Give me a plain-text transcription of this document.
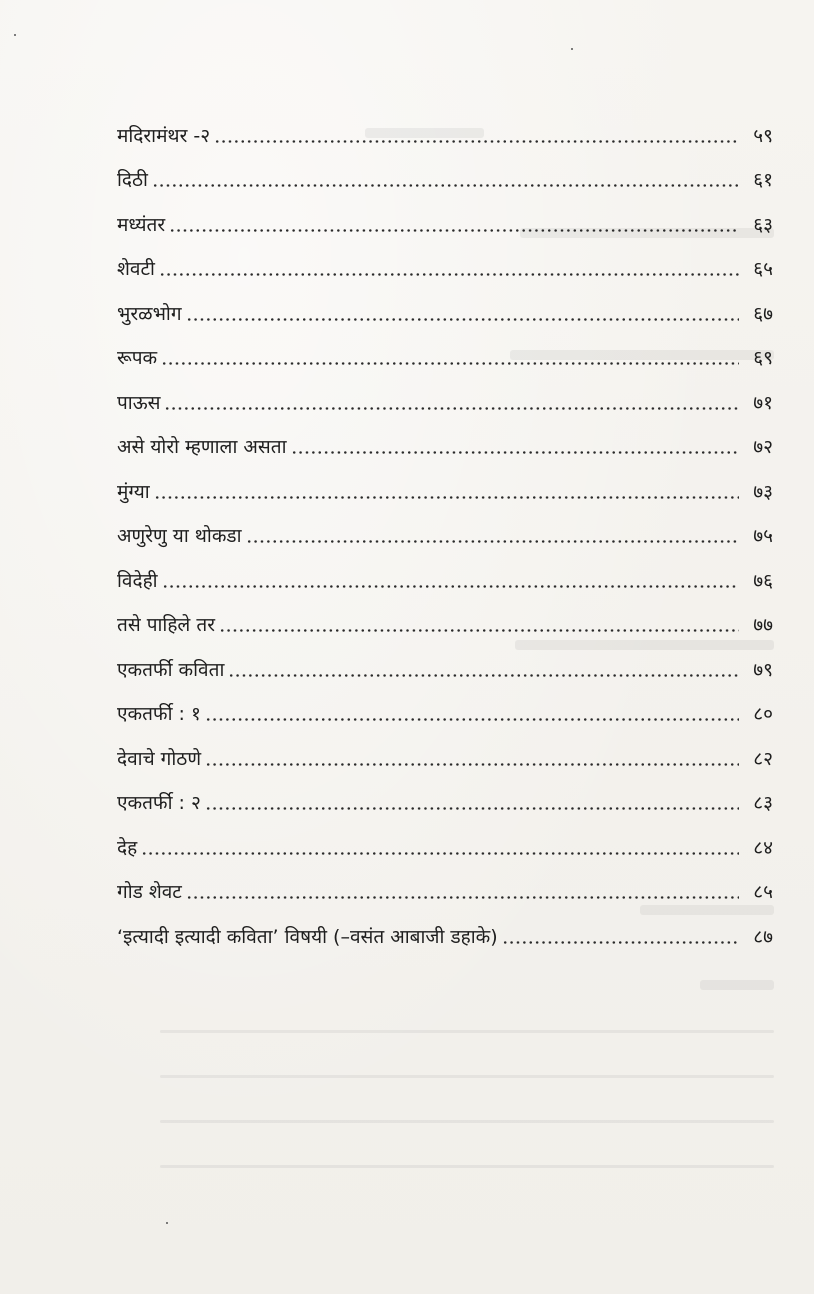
मदिरामंथर -२	५९
दिठी	६१
मध्यंतर	६३
शेवटी	६५
भुरळभोग	६७
रूपक	६९
पाऊस	७१
असे योरो म्हणाला असता	७२
मुंग्या	७३
अणुरेणु या थोकडा	७५
विदेही	७६
तसे पाहिले तर	७७
एकतर्फी कविता	७९
एकतर्फी : १	८०
देवाचे गोठणे	८२
एकतर्फी : २	८३
देह	८४
गोड शेवट	८५
‘इत्यादी इत्यादी कविता’ विषयी (–वसंत आबाजी डहाके)	८७
